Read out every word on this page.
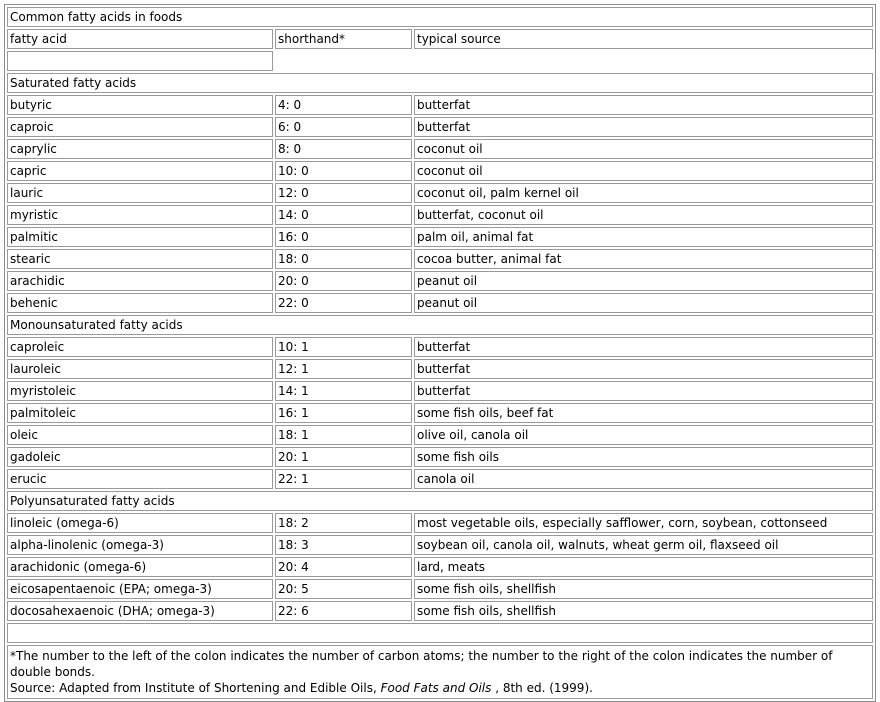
Common fatty acids in foods		
fatty acid	shorthand*	typical source

Saturated fatty acids		
butyric	4: 0	butterfat
caproic	6: 0	butterfat
caprylic	8: 0	coconut oil
capric	10: 0	coconut oil
lauric	12: 0	coconut oil, palm kernel oil
myristic	14: 0	butterfat, coconut oil
palmitic	16: 0	palm oil, animal fat
stearic	18: 0	cocoa butter, animal fat
arachidic	20: 0	peanut oil
behenic	22: 0	peanut oil
Monounsaturated fatty acids		
caproleic	10: 1	butterfat
lauroleic	12: 1	butterfat
myristoleic	14: 1	butterfat
palmitoleic	16: 1	some fish oils, beef fat
oleic	18: 1	olive oil, canola oil
gadoleic	20: 1	some fish oils
erucic	22: 1	canola oil
Polyunsaturated fatty acids		
linoleic (omega-6)	18: 2	most vegetable oils, especially safflower, corn, soybean, cottonseed
alpha-linolenic (omega-3)	18: 3	soybean oil, canola oil, walnuts, wheat germ oil, flaxseed oil
arachidonic (omega-6)	20: 4	lard, meats
eicosapentaenoic (EPA; omega-3)	20: 5	some fish oils, shellfish
docosahexaenoic (DHA; omega-3)	22: 6	some fish oils, shellfish

*The number to the left of the colon indicates the number of carbon atoms; the number to the right of the colon indicates the number of double bonds.
Source: Adapted from Institute of Shortening and Edible Oils, Food Fats and Oils , 8th ed. (1999).		
